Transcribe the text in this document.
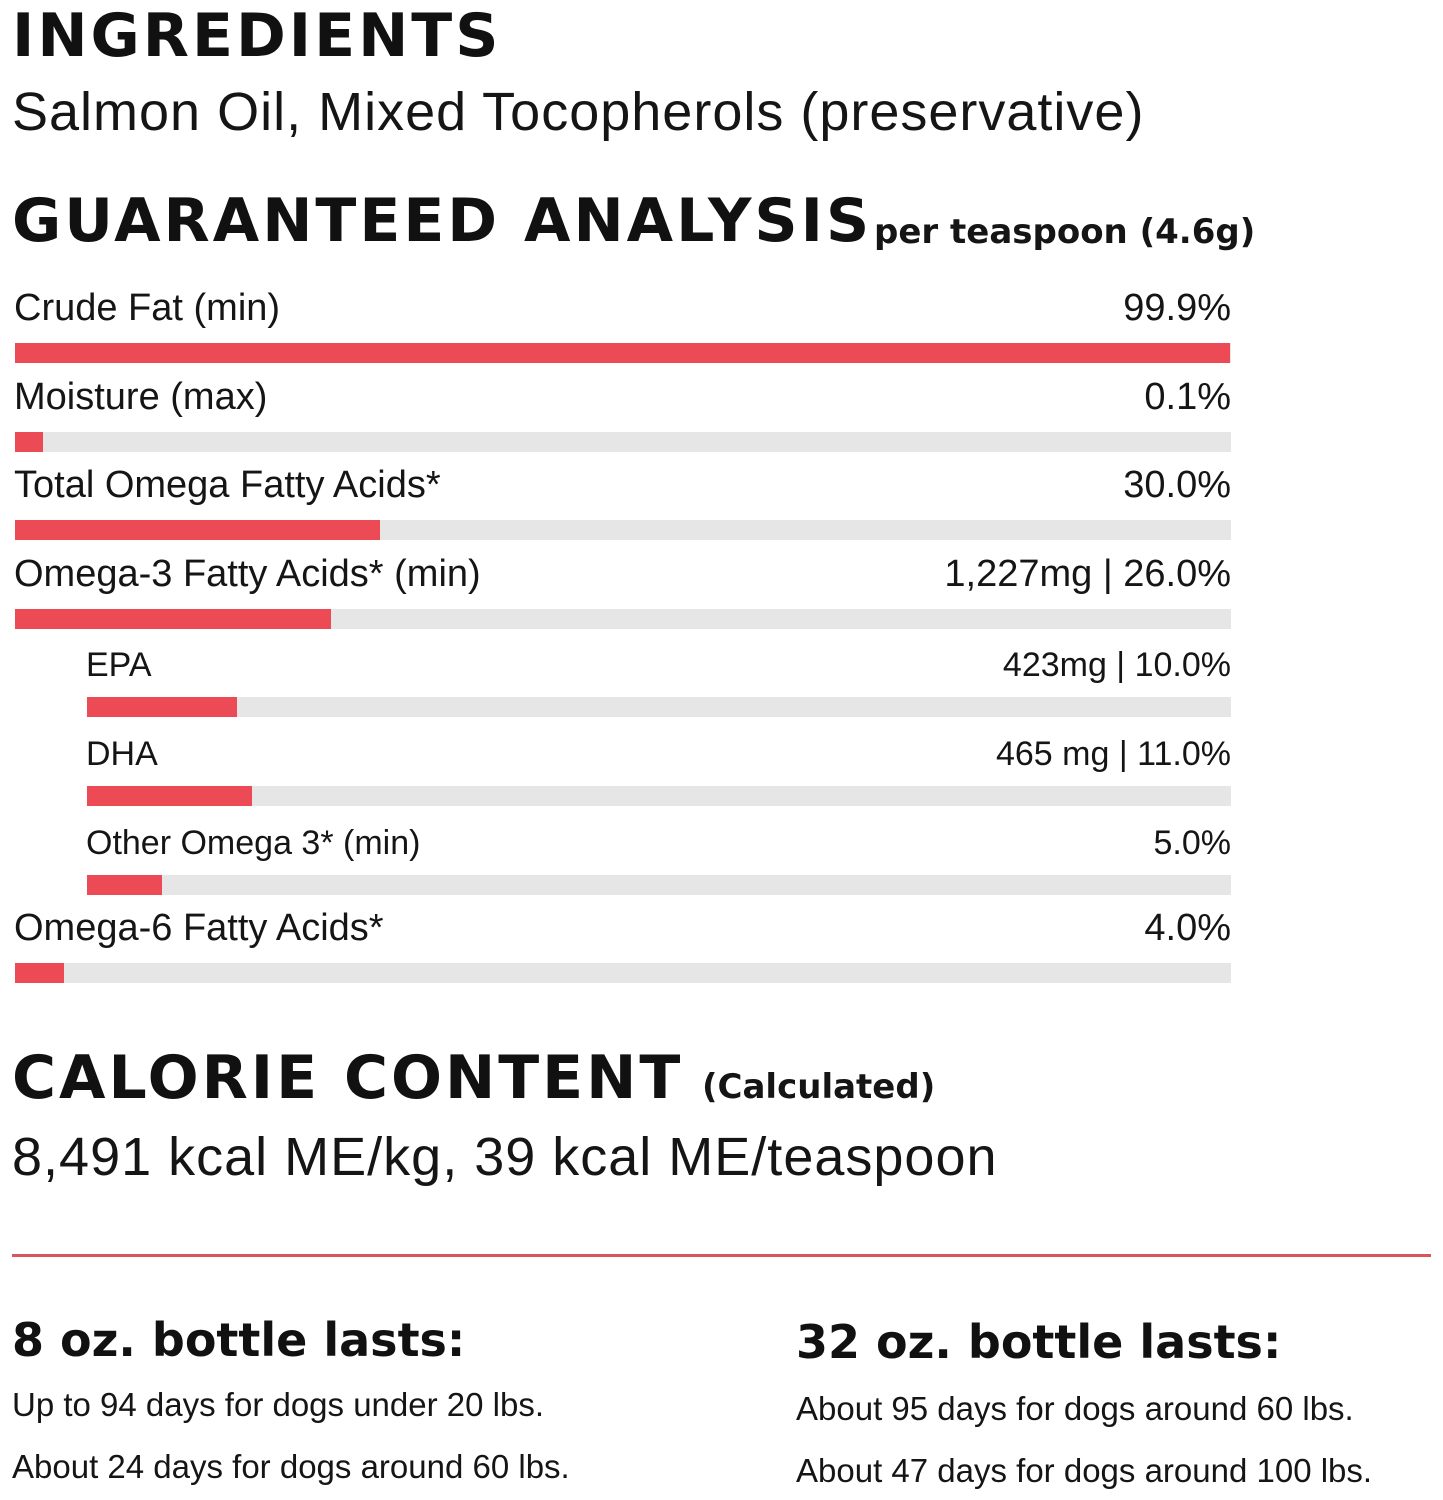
INGREDIENTS
Salmon Oil, Mixed Tocopherols (preservative)
GUARANTEED ANALYSIS per teaspoon (4.6g)
Crude Fat (min)	99.9%
Moisture (max)	0.1%
Total Omega Fatty Acids*	30.0%
Omega-3 Fatty Acids* (min)	1,227mg | 26.0%
EPA	423mg | 10.0%
DHA	465 mg | 11.0%
Other Omega 3* (min)	5.0%
Omega-6 Fatty Acids*	4.0%
CALORIE CONTENT (Calculated)
8,491 kcal ME/kg, 39 kcal ME/teaspoon
8 oz. bottle lasts:
Up to 94 days for dogs under 20 lbs.
About 24 days for dogs around 60 lbs.
32 oz. bottle lasts:
About 95 days for dogs around 60 lbs.
About 47 days for dogs around 100 lbs.
